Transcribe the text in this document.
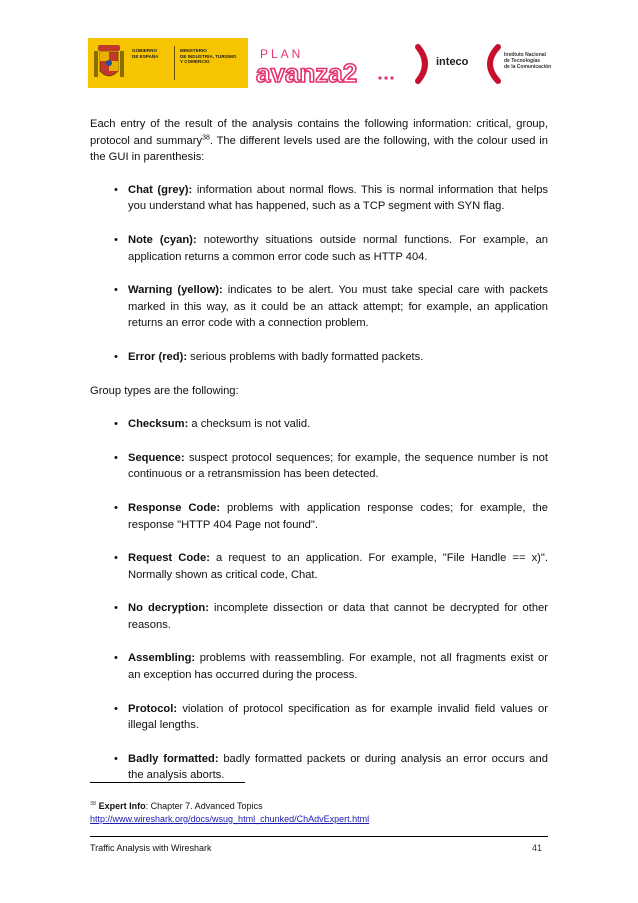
GOBIERNO
DE ESPAÑA
MINISTERIO
DE INDUSTRIA, TURISMO
Y COMERCIO
PLAN
avanza2	inteco
Instituto Nacional
de Tecnologías
de la Comunicación

Each entry of the result of the analysis contains the following information: critical, group, protocol and summary$^{38}$. The different levels used are the following, with the colour used in the GUI in parenthesis:

• Chat (grey): information about normal flows. This is normal information that helps you understand what has happened, such as a TCP segment with SYN flag.
• Note (cyan): noteworthy situations outside normal functions. For example, an application returns a common error code such as HTTP 404.
• Warning (yellow): indicates to be alert. You must take special care with packets marked in this way, as it could be an attack attempt; for example, an application returns an error code with a connection problem.
• Error (red): serious problems with badly formatted packets.

Group types are the following:

• Checksum: a checksum is not valid.
• Sequence: suspect protocol sequences; for example, the sequence number is not continuous or a retransmission has been detected.
• Response Code: problems with application response codes; for example, the response "HTTP 404 Page not found".
• Request Code: a request to an application. For example, "File Handle == x)". Normally shown as critical code, Chat.
• No decryption: incomplete dissection or data that cannot be decrypted for other reasons.
• Assembling: problems with reassembling. For example, not all fragments exist or an exception has occurred during the process.
• Protocol: violation of protocol specification as for example invalid field values or illegal lengths.
• Badly formatted: badly formatted packets or during analysis an error occurs and the analysis aborts.
$^{38}$ Expert Info: Chapter 7. Advanced Topics
http://www.wireshark.org/docs/wsug_html_chunked/ChAdvExpert.html
Traffic Analysis with Wireshark	41
